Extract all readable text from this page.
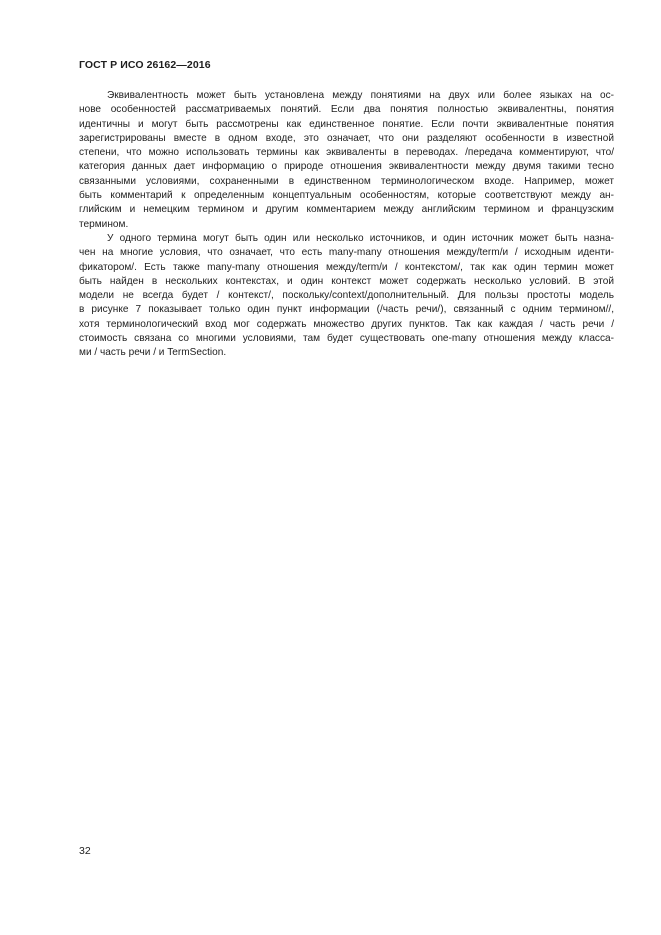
ГОСТ Р ИСО 26162—2016
Эквивалентность может быть установлена между понятиями на двух или более языках на ос-
нове особенностей рассматриваемых понятий. Если два понятия полностью эквивалентны, понятия
идентичны и могут быть рассмотрены как единственное понятие. Если почти эквивалентные понятия
зарегистрированы вместе в одном входе, это означает, что они разделяют особенности в известной
степени, что можно использовать термины как эквиваленты в переводах. /передача комментируют, что/
категория данных дает информацию о природе отношения эквивалентности между двумя такими тесно
связанными условиями, сохраненными в единственном терминологическом входе. Например, может
быть комментарий к определенным концептуальным особенностям, которые соответствуют между ан-
глийским и немецким термином и другим комментарием между английским термином и французским
термином.
У одного термина могут быть один или несколько источников, и один источник может быть назна-
чен на многие условия, что означает, что есть many-many отношения между/term/и / исходным иденти-
фикатором/. Есть также many-many отношения между/term/и / контекстом/, так как один термин может
быть найден в нескольких контекстах, и один контекст может содержать несколько условий. В этой
модели не всегда будет / контекст/, поскольку/context/дополнительный. Для пользы простоты модель
в рисунке 7 показывает только один пункт информации (/часть речи/), связанный с одним термином//,
хотя терминологический вход мог содержать множество других пунктов. Так как каждая / часть речи /
стоимость связана со многими условиями, там будет существовать one-many отношения между класса-
ми / часть речи / и TermSection.
32
